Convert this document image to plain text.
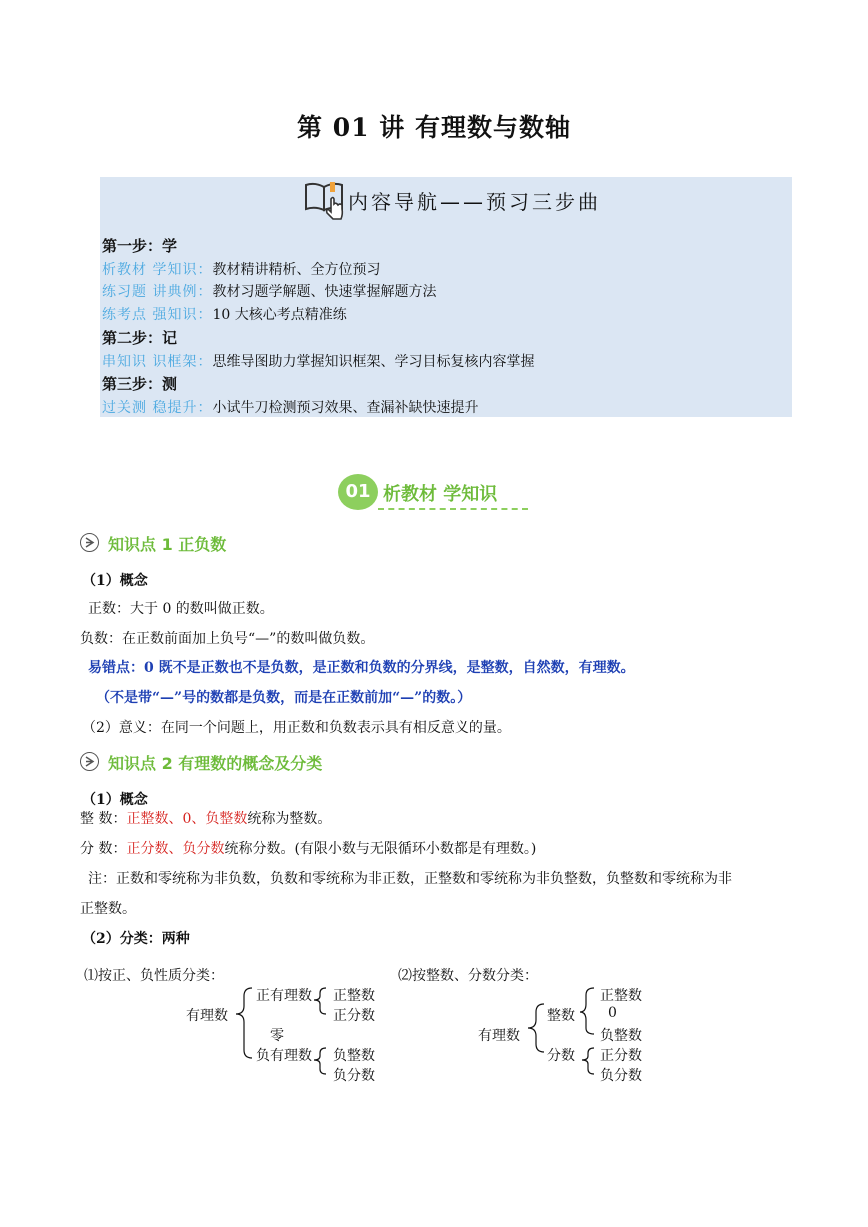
第 01 讲 有理数与数轴
内容导航——预习三步曲
第一步：学
析教材 学知识：教材精讲精析、全方位预习
练习题 讲典例：教材习题学解题、快速掌握解题方法
练考点 强知识：10 大核心考点精准练
第二步：记
串知识 识框架：思维导图助力掌握知识框架、学习目标复核内容掌握
第三步：测
过关测 稳提升：小试牛刀检测预习效果、查漏补缺快速提升
01 析教材 学知识
知识点 1 正负数
（1）概念
正数：大于 0 的数叫做正数。
负数：在正数前面加上负号“—”的数叫做负数。
易错点：0 既不是正数也不是负数，是正数和负数的分界线，是整数，自然数，有理数。
（不是带“—”号的数都是负数，而是在正数前加“—”的数。）
（2）意义：在同一个问题上，用正数和负数表示具有相反意义的量。
知识点 2 有理数的概念及分类
（1）概念
整 数：正整数、0、负整数统称为整数。
分 数：正分数、负分数统称分数。(有限小数与无限循环小数都是有理数。)
注：正数和零统称为非负数，负数和零统称为非正数，正整数和零统称为非负整数，负整数和零统称为非
正整数。
（2）分类：两种
⑴按正、负性质分类：
有理数
正有理数
零
负有理数
正整数
正分数
负整数
负分数
⑵按整数、分数分类：
有理数
整数
分数
正整数
0
负整数
正分数
负分数
